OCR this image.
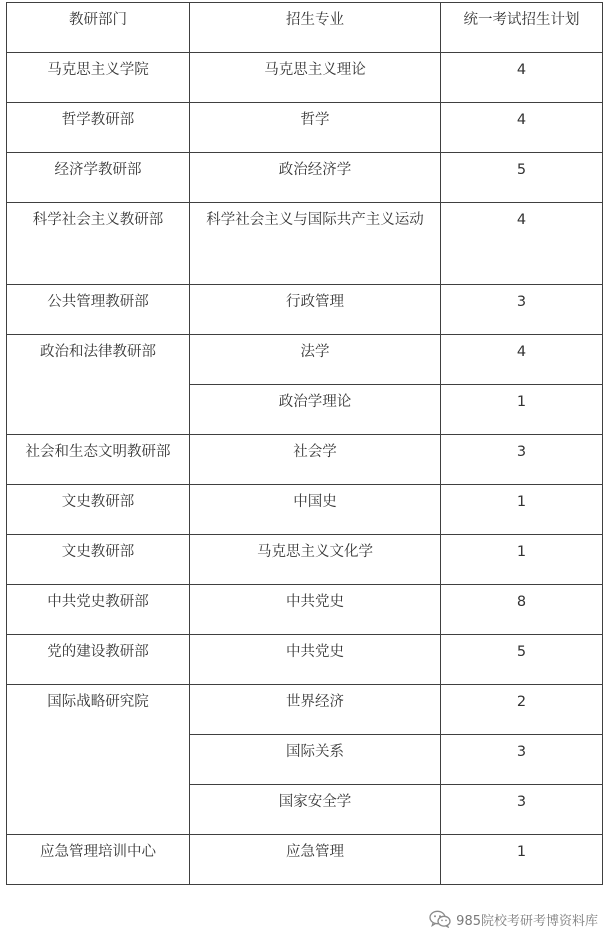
教研部门	招生专业	统一考试招生计划
马克思主义学院	马克思主义理论	4
哲学教研部	哲学	4
经济学教研部	政治经济学	5
科学社会主义教研部	科学社会主义与国际共产主义运动	4
公共管理教研部	行政管理	3
政治和法律教研部	法学	4
	政治学理论	1
社会和生态文明教研部	社会学	3
文史教研部	中国史	1
文史教研部	马克思主义文化学	1
中共党史教研部	中共党史	8
党的建设教研部	中共党史	5
国际战略研究院	世界经济	2
	国际关系	3
	国家安全学	3
应急管理培训中心	应急管理	1
985院校考研考博资料库
